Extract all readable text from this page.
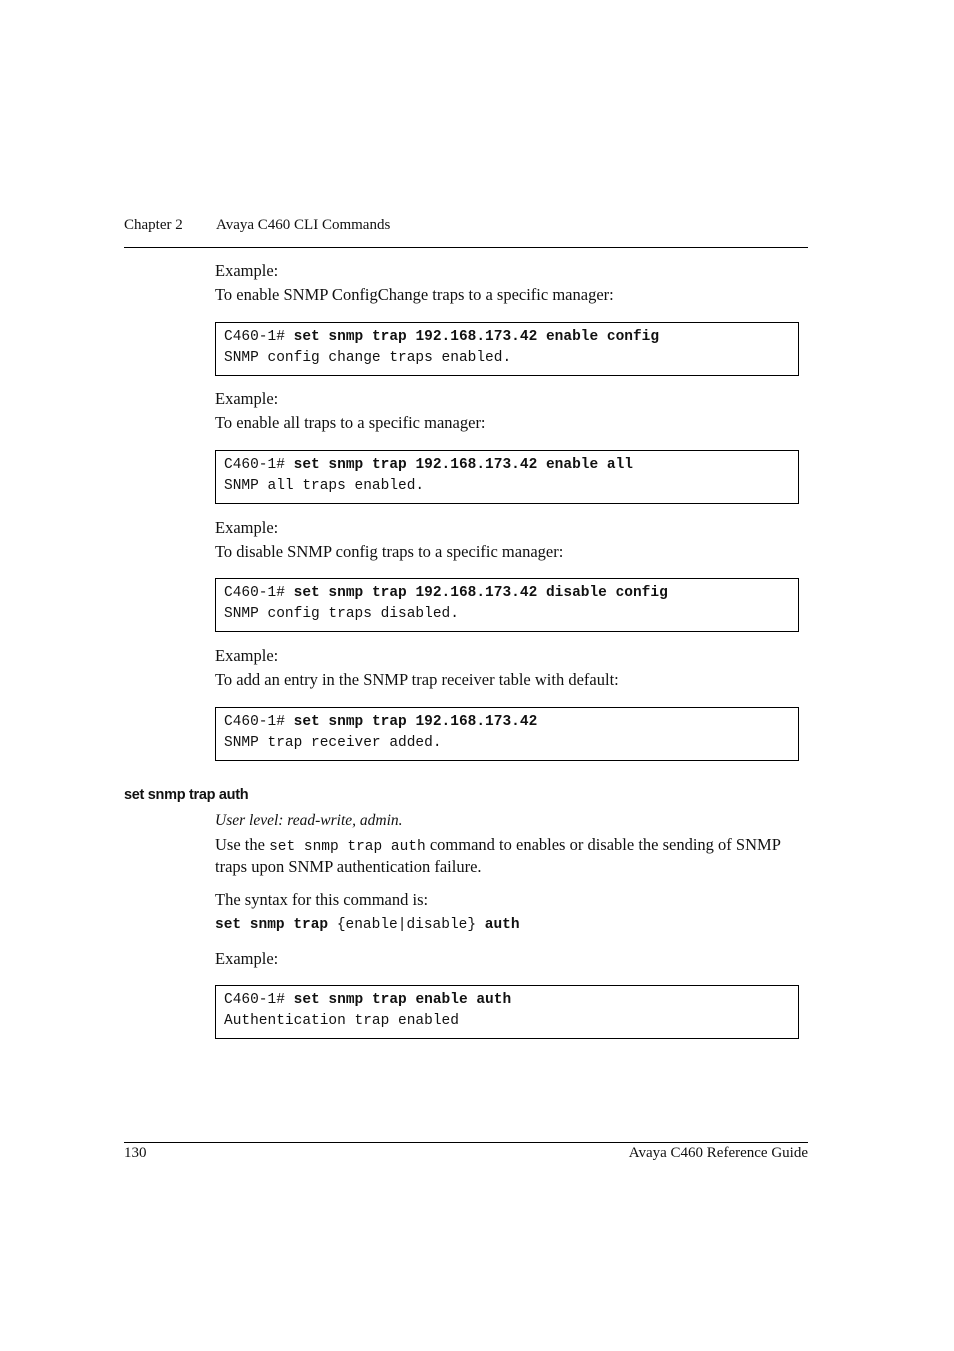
Chapter 2 Avaya C460 CLI Commands
Example:
To enable SNMP ConfigChange traps to a specific manager:
C460-1# set snmp trap 192.168.173.42 enable config
SNMP config change traps enabled.
Example:
To enable all traps to a specific manager:
C460-1# set snmp trap 192.168.173.42 enable all
SNMP all traps enabled.
Example:
To disable SNMP config traps to a specific manager:
C460-1# set snmp trap 192.168.173.42 disable config
SNMP config traps disabled.
Example:
To add an entry in the SNMP trap receiver table with default:
C460-1# set snmp trap 192.168.173.42
SNMP trap receiver added.
set snmp trap auth
User level: read-write, admin.
Use the set snmp trap auth command to enables or disable the sending of SNMP traps upon SNMP authentication failure.
The syntax for this command is:
set snmp trap {enable|disable} auth
Example:
C460-1# set snmp trap enable auth
Authentication trap enabled
130	Avaya C460 Reference Guide
